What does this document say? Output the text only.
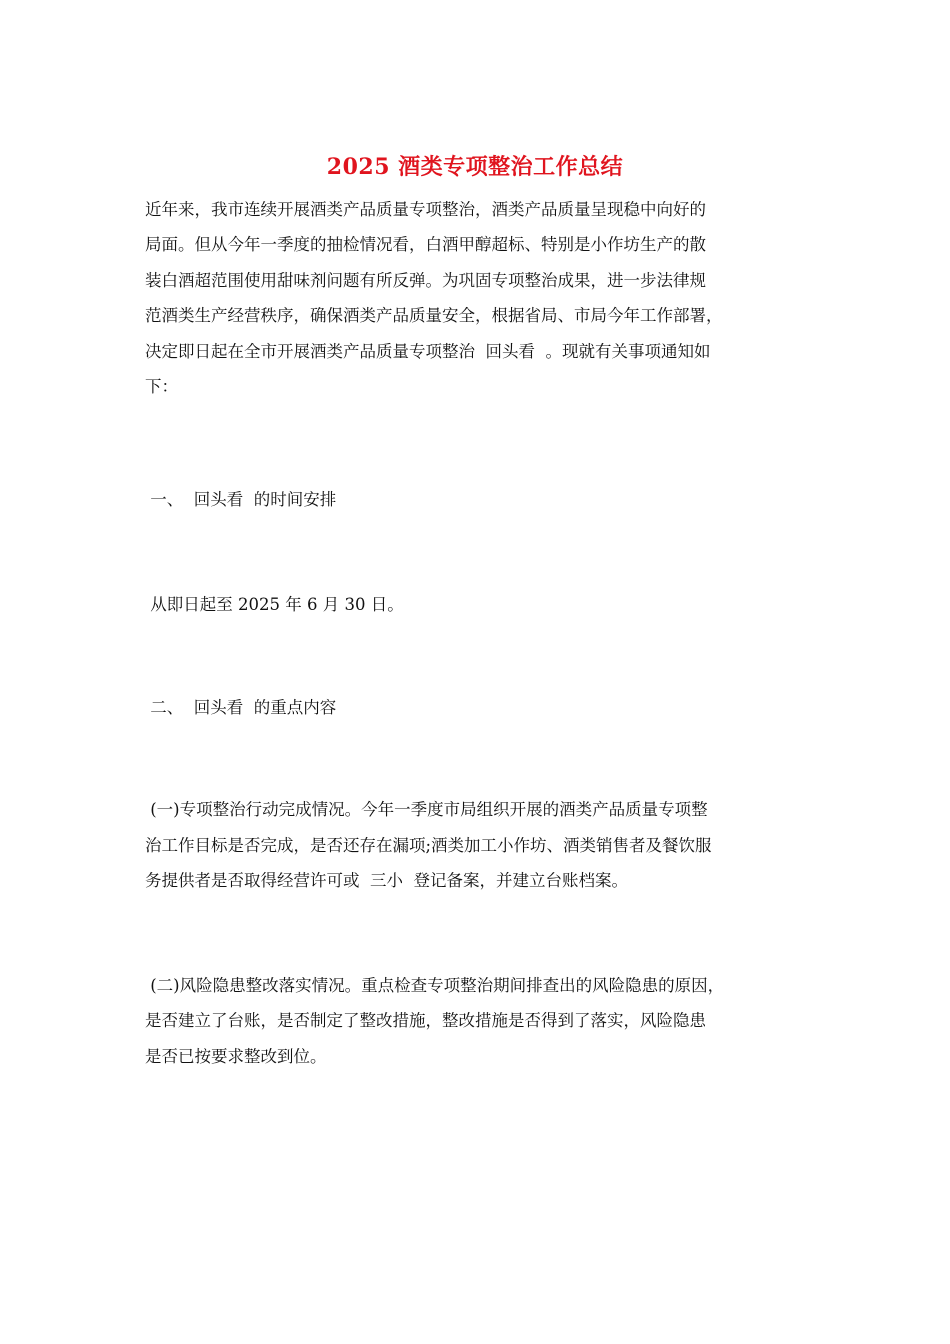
2025 酒类专项整治工作总结
近年来，我市连续开展酒类产品质量专项整治，酒类产品质量呈现稳中向好的
局面。但从今年一季度的抽检情况看，白酒甲醇超标、特别是小作坊生产的散
装白酒超范围使用甜味剂问题有所反弹。为巩固专项整治成果，进一步法律规
范酒类生产经营秩序，确保酒类产品质量安全，根据省局、市局今年工作部署，
决定即日起在全市开展酒类产品质量专项整治  回头看  。现就有关事项通知如
下：
一、  回头看  的时间安排
从即日起至 2025 年 6 月 30 日。
二、  回头看  的重点内容
(一)专项整治行动完成情况。今年一季度市局组织开展的酒类产品质量专项整
治工作目标是否完成，是否还存在漏项;酒类加工小作坊、酒类销售者及餐饮服
务提供者是否取得经营许可或  三小  登记备案，并建立台账档案。
(二)风险隐患整改落实情况。重点检查专项整治期间排查出的风险隐患的原因，
是否建立了台账，是否制定了整改措施，整改措施是否得到了落实，风险隐患
是否已按要求整改到位。
